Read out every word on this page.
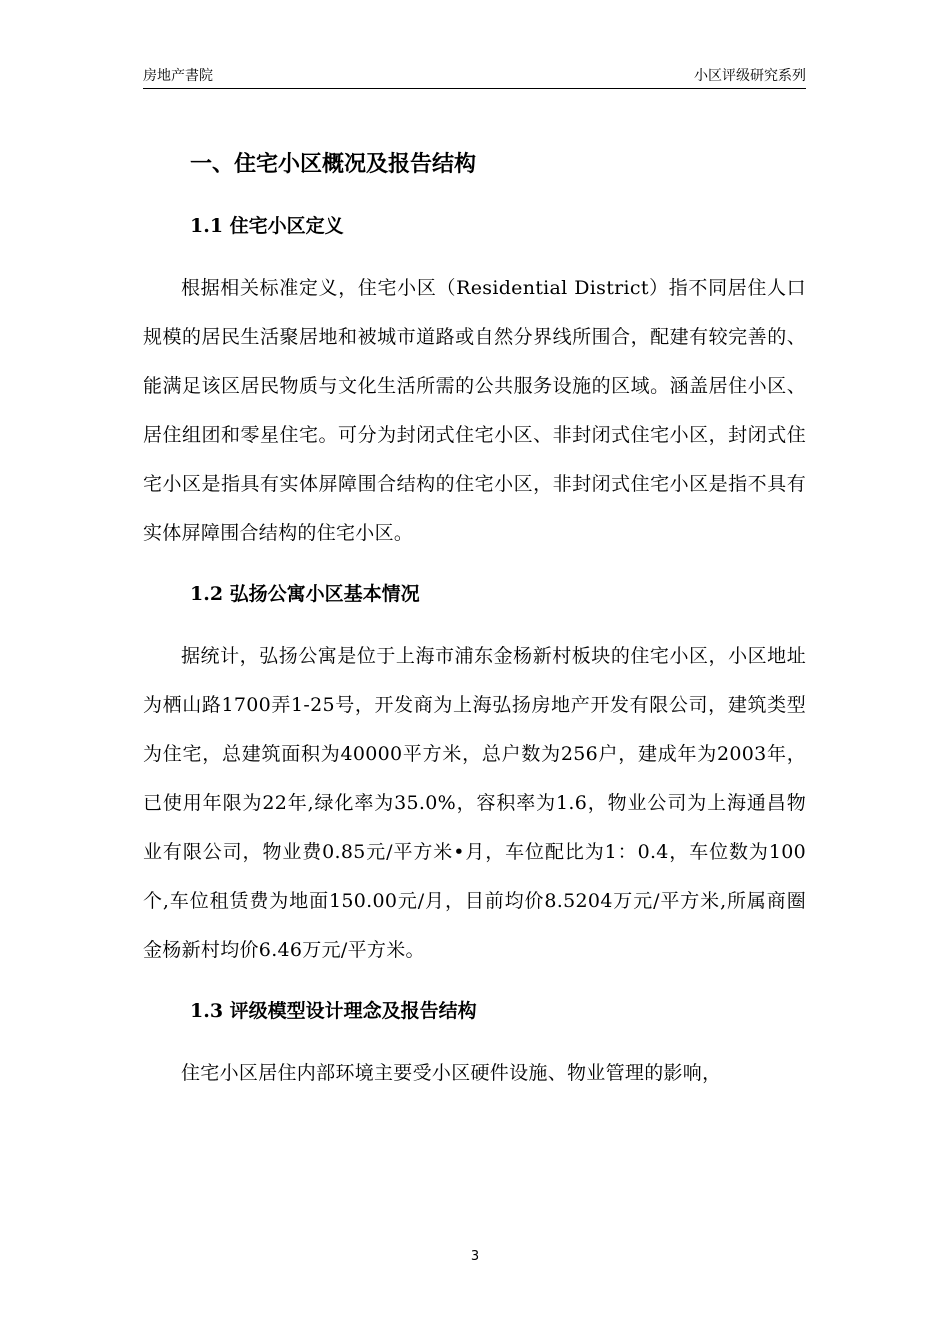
房地产書院	小区评级研究系列
一、住宅小区概况及报告结构
1.1 住宅小区定义

根据相关标准定义，住宅小区（Residential District）指不同居住人口规模的居民生活聚居地和被城市道路或自然分界线所围合，配建有较完善的、能满足该区居民物质与文化生活所需的公共服务设施的区域。涵盖居住小区、居住组团和零星住宅。可分为封闭式住宅小区、非封闭式住宅小区，封闭式住宅小区是指具有实体屏障围合结构的住宅小区，非封闭式住宅小区是指不具有实体屏障围合结构的住宅小区。

1.2 弘扬公寓小区基本情况

据统计，弘扬公寓是位于上海市浦东金杨新村板块的住宅小区，小区地址为栖山路1700弄1-25号，开发商为上海弘扬房地产开发有限公司，建筑类型为住宅，总建筑面积为40000平方米，总户数为256户，建成年为2003年，已使用年限为22年,绿化率为35.0%，容积率为1.6，物业公司为上海通昌物业有限公司，物业费0.85元/平方米•月，车位配比为1：0.4，车位数为100个,车位租赁费为地面150.00元/月，目前均价8.5204万元/平方米,所属商圈金杨新村均价6.46万元/平方米。

1.3 评级模型设计理念及报告结构

住宅小区居住内部环境主要受小区硬件设施、物业管理的影响，

3
